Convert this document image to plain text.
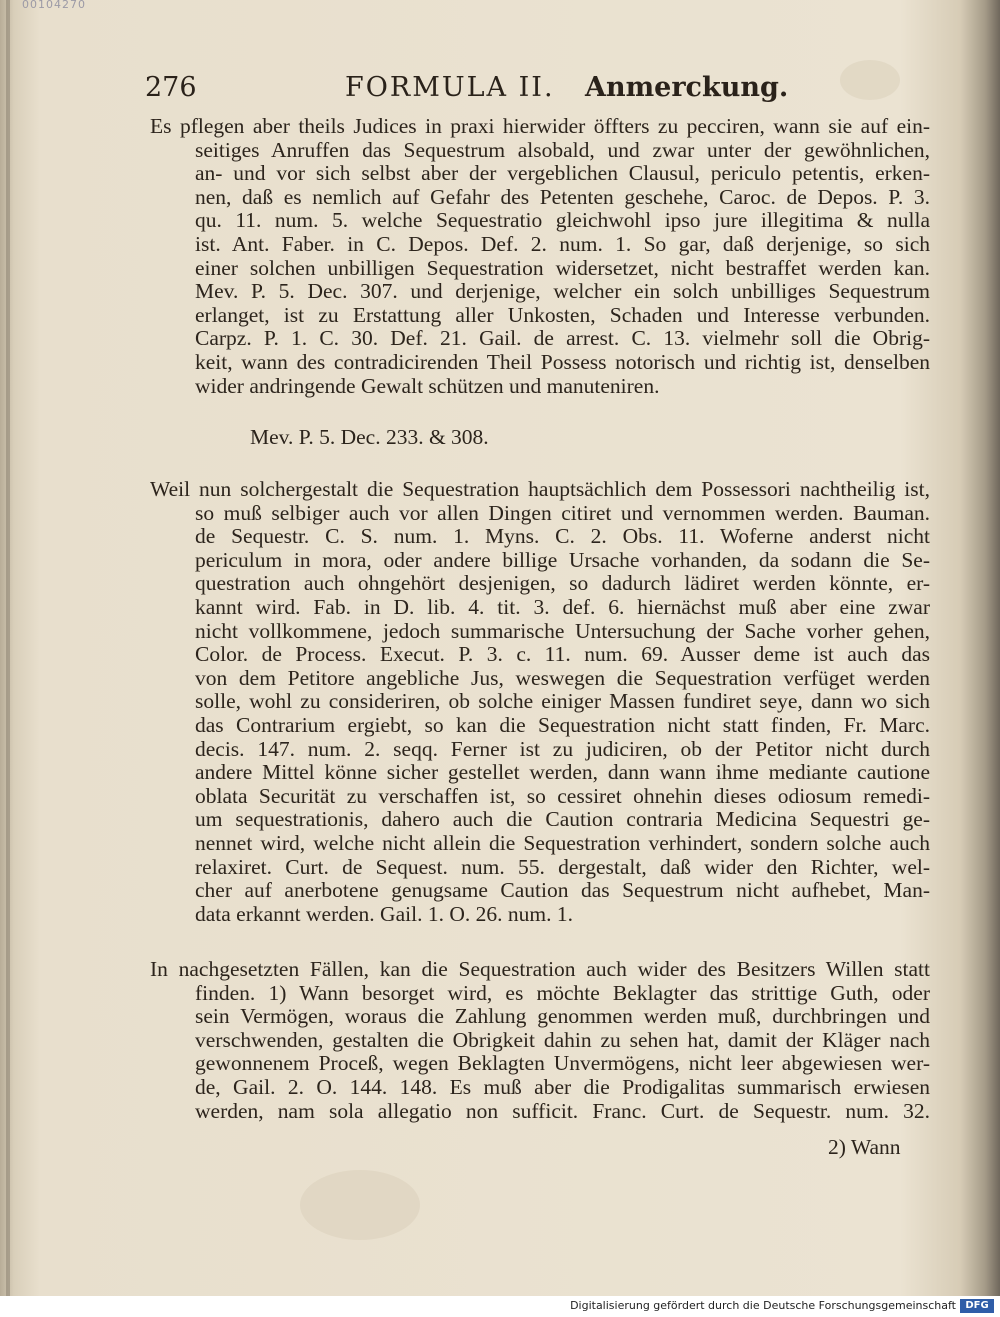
00104270
276	FORMULA II. Anmerckung.
Es pflegen aber theils Judices in praxi hierwider öffters zu pecciren, wann sie auf ein-
seitiges Anruffen das Sequestrum alsobald, und zwar unter der gewöhnlichen,
an- und vor sich selbst aber der vergeblichen Clausul, periculo petentis, erken-
nen, daß es nemlich auf Gefahr des Petenten geschehe, Caroc. de Depos. P. 3.
qu. 11. num. 5. welche Sequestratio gleichwohl ipso jure illegitima & nulla
ist. Ant. Faber. in C. Depos. Def. 2. num. 1. So gar, daß derjenige, so sich
einer solchen unbilligen Sequestration widersetzet, nicht bestraffet werden kan.
Mev. P. 5. Dec. 307. und derjenige, welcher ein solch unbilliges Sequestrum
erlanget, ist zu Erstattung aller Unkosten, Schaden und Interesse verbunden.
Carpz. P. 1. C. 30. Def. 21. Gail. de arrest. C. 13. vielmehr soll die Obrig-
keit, wann des contradicirenden Theil Possess notorisch und richtig ist, denselben
wider andringende Gewalt schützen und manuteniren.
Mev. P. 5. Dec. 233. & 308.
Weil nun solchergestalt die Sequestration hauptsächlich dem Possessori nachtheilig ist,
so muß selbiger auch vor allen Dingen citiret und vernommen werden. Bauman.
de Sequestr. C. S. num. 1. Myns. C. 2. Obs. 11. Woferne anderst nicht
periculum in mora, oder andere billige Ursache vorhanden, da sodann die Se-
questration auch ohngehört desjenigen, so dadurch lädiret werden könnte, er-
kannt wird. Fab. in D. lib. 4. tit. 3. def. 6. hiernächst muß aber eine zwar
nicht vollkommene, jedoch summarische Untersuchung der Sache vorher gehen,
Color. de Process. Execut. P. 3. c. 11. num. 69. Ausser deme ist auch das
von dem Petitore angebliche Jus, weswegen die Sequestration verfüget werden
solle, wohl zu consideriren, ob solche einiger Massen fundiret seye, dann wo sich
das Contrarium ergiebt, so kan die Sequestration nicht statt finden, Fr. Marc.
decis. 147. num. 2. seqq. Ferner ist zu judiciren, ob der Petitor nicht durch
andere Mittel könne sicher gestellet werden, dann wann ihme mediante cautione
oblata Securität zu verschaffen ist, so cessiret ohnehin dieses odiosum remedi-
um sequestrationis, dahero auch die Caution contraria Medicina Sequestri ge-
nennet wird, welche nicht allein die Sequestration verhindert, sondern solche auch
relaxiret. Curt. de Sequest. num. 55. dergestalt, daß wider den Richter, wel-
cher auf anerbotene genugsame Caution das Sequestrum nicht aufhebet, Man-
data erkannt werden. Gail. 1. O. 26. num. 1.
In nachgesetzten Fällen, kan die Sequestration auch wider des Besitzers Willen statt
finden. 1) Wann besorget wird, es möchte Beklagter das strittige Guth, oder
sein Vermögen, woraus die Zahlung genommen werden muß, durchbringen und
verschwenden, gestalten die Obrigkeit dahin zu sehen hat, damit der Kläger nach
gewonnenem Proceß, wegen Beklagten Unvermögens, nicht leer abgewiesen wer-
de, Gail. 2. O. 144. 148. Es muß aber die Prodigalitas summarisch erwiesen
werden, nam sola allegatio non sufficit. Franc. Curt. de Sequestr. num. 32.
2) Wann
Digitalisierung gefördert durch die Deutsche Forschungsgemeinschaft DFG
